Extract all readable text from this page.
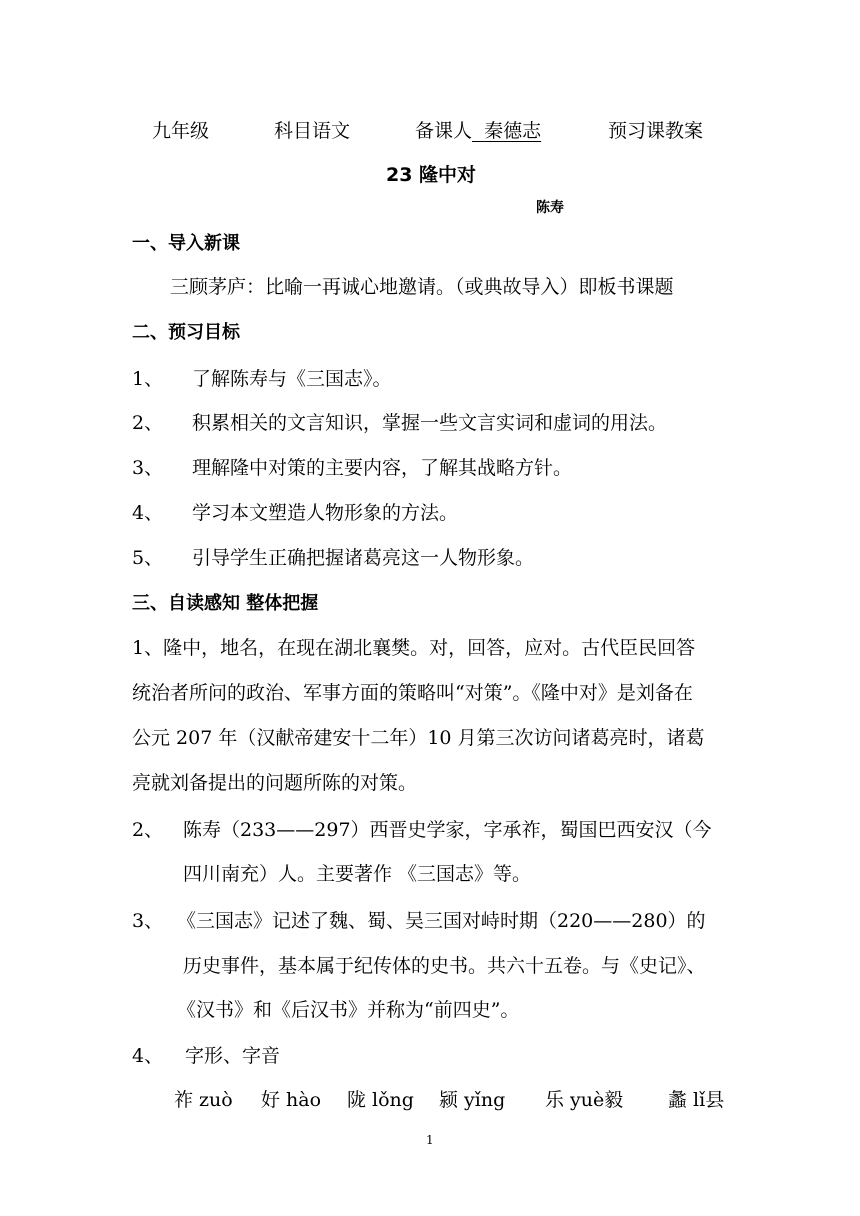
九年级	科目语文	备课人 秦德志	预习课教案
23 隆中对
陈寿
一、导入新课
三顾茅庐：比喻一再诚心地邀请。（或典故导入）即板书课题
二、预习目标
1、 了解陈寿与《三国志》。
2、 积累相关的文言知识，掌握一些文言实词和虚词的用法。
3、 理解隆中对策的主要内容，了解其战略方针。
4、 学习本文塑造人物形象的方法。
5、 引导学生正确把握诸葛亮这一人物形象。
三、自读感知 整体把握
1、隆中，地名，在现在湖北襄樊。对，回答，应对。古代臣民回答
统治者所问的政治、军事方面的策略叫“对策”。《隆中对》是刘备在
公元 207 年（汉献帝建安十二年）10 月第三次访问诸葛亮时，诸葛
亮就刘备提出的问题所陈的对策。
2、 陈寿（233——297）西晋史学家，字承祚，蜀国巴西安汉（今
四川南充）人。主要著作 《三国志》等。
3、 《三国志》记述了魏、蜀、吴三国对峙时期（220——280）的
历史事件，基本属于纪传体的史书。共六十五卷。与《史记》、
《汉书》和《后汉书》并称为“前四史”。
4、 字形、字音
祚 zuò 好 hào 陇 lǒng 颍 yǐng 乐 yuè毅 蠡 lǐ县
1
